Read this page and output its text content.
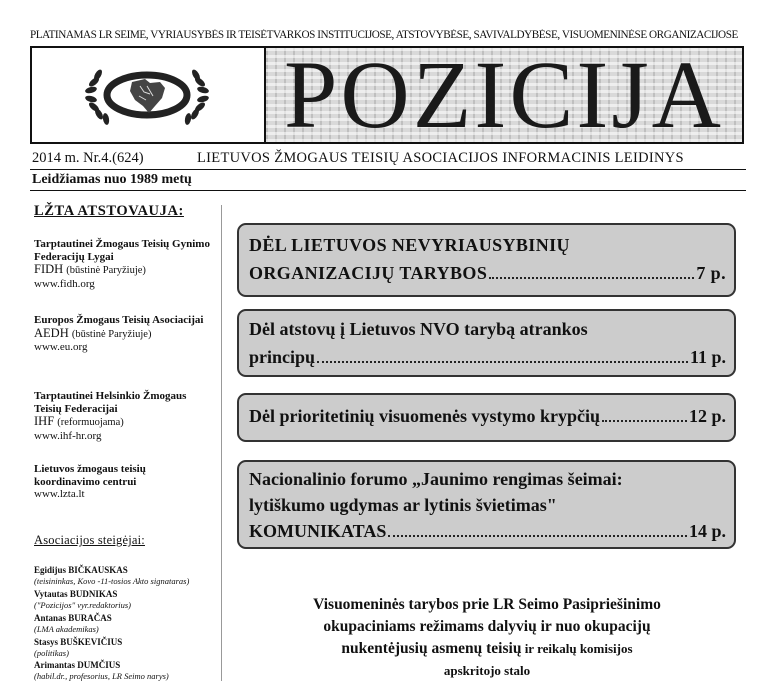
PLATINAMAS LR SEIME, VYRIAUSYBĖS IR TEISĖTVARKOS INSTITUCIJOSE, ATSTOVYBĖSE, SAVIVALDYBĖSE, VISUOMENINĖSE ORGANIZACIJOSE
POZICIJA
2014 m. Nr.4.(624)	LIETUVOS ŽMOGAUS TEISIŲ ASOCIACIJOS INFORMACINIS LEIDINYS
Leidžiamas nuo 1989 metų
LŽTA ATSTOVAUJA:
Tarptautinei Žmogaus Teisių Gynimo Federacijų Lygai
FIDH (būstinė Paryžiuje)
www.fidh.org
Europos Žmogaus Teisių Asociacijai
AEDH (būstinė Paryžiuje)
www.eu.org
Tarptautinei Helsinkio Žmogaus Teisių Federacijai
IHF (reformuojama)
www.ihf-hr.org
Lietuvos žmogaus teisių koordinavimo centrui
www.lzta.lt
Asociacijos steigėjai:
Egidijus BIČKAUSKAS
(teisininkas, Kovo -11-tosios Akto signataras)
Vytautas BUDNIKAS
("Pozicijos" vyr.redaktorius)
Antanas BURAČAS
(LMA akademikas)
Stasys BUŠKEVIČIUS
(politikas)
Arimantas DUMČIUS
(habil.dr., profesorius, LR Seimo narys)
DĖL LIETUVOS NEVYRIAUSYBINIŲ
ORGANIZACIJŲ TARYBOS	7 p.
Dėl atstovų į Lietuvos NVO tarybą atrankos
principų	11 p.
Dėl prioritetinių visuomenės vystymo krypčių	12 p.
Nacionalinio forumo „Jaunimo rengimas šeimai:
lytiškumo ugdymas ar lytinis švietimas"
KOMUNIKATAS	14 p.
Visuomeninės tarybos prie LR Seimo Pasipriešinimo
okupaciniams režimams dalyvių ir nuo okupacijų
nukentėjusių asmenų teisių ir reikalų komisijos
apskritojo stalo
